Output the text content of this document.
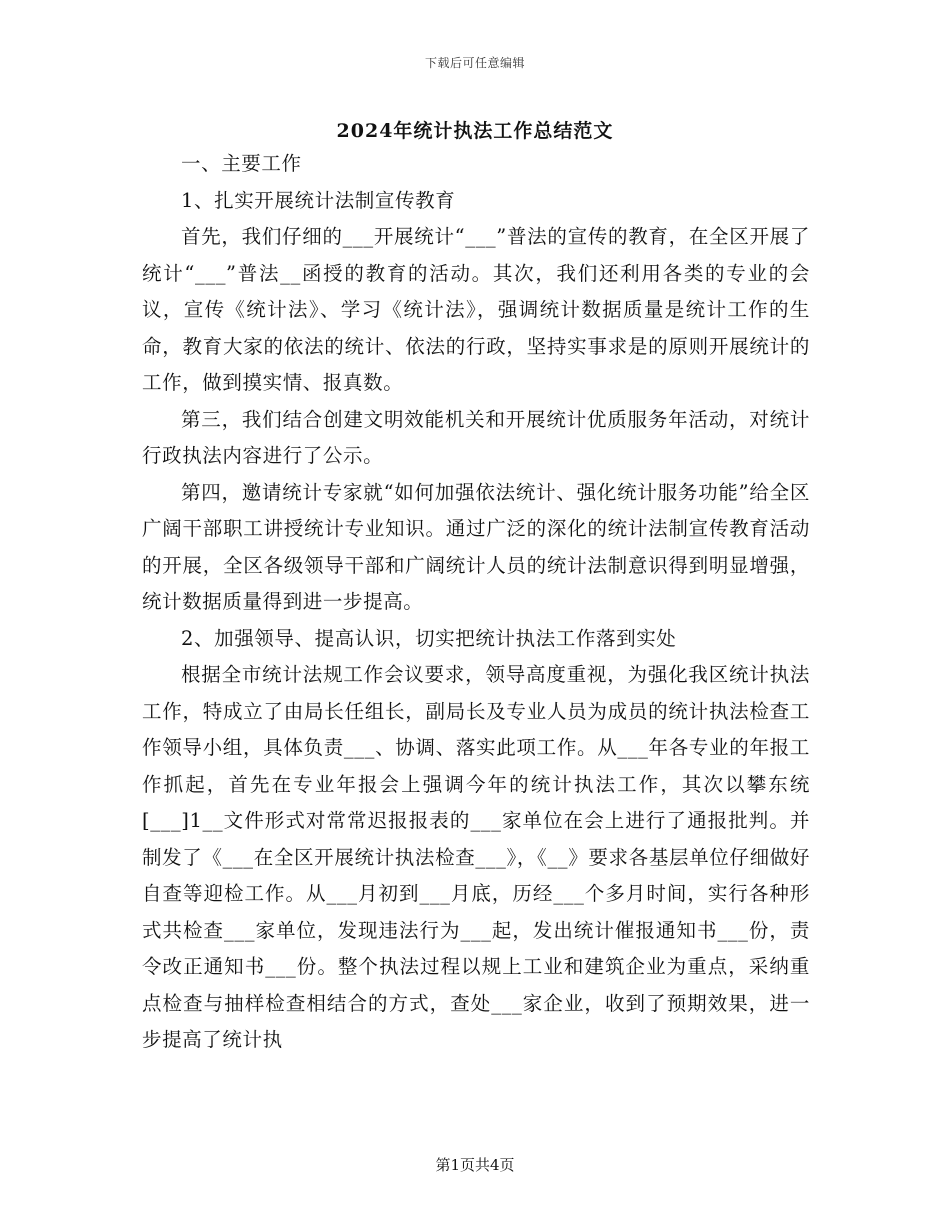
下载后可任意编辑
2024年统计执法工作总结范文

一、主要工作

1、扎实开展统计法制宣传教育

首先，我们仔细的___开展统计“___”普法的宣传的教育，在全区开展了统计“___”普法__函授的教育的活动。其次，我们还利用各类的专业的会议，宣传《统计法》、学习《统计法》，强调统计数据质量是统计工作的生命，教育大家的依法的统计、依法的行政，坚持实事求是的原则开展统计的工作，做到摸实情、报真数。

第三，我们结合创建文明效能机关和开展统计优质服务年活动，对统计行政执法内容进行了公示。

第四，邀请统计专家就“如何加强依法统计、强化统计服务功能”给全区广阔干部职工讲授统计专业知识。通过广泛的深化的统计法制宣传教育活动的开展，全区各级领导干部和广阔统计人员的统计法制意识得到明显增强，统计数据质量得到进一步提高。

2、加强领导、提高认识，切实把统计执法工作落到实处

根据全市统计法规工作会议要求，领导高度重视，为强化我区统计执法工作，特成立了由局长任组长，副局长及专业人员为成员的统计执法检查工作领导小组，具体负责___、协调、落实此项工作。从___年各专业的年报工作抓起，首先在专业年报会上强调今年的统计执法工作，其次以攀东统[___]1__文件形式对常常迟报报表的___家单位在会上进行了通报批判。并制发了《___在全区开展统计执法检查___》，《__》要求各基层单位仔细做好自查等迎检工作。从___月初到___月底，历经___个多月时间，实行各种形式共检查___家单位，发现违法行为___起，发出统计催报通知书___份，责令改正通知书___份。整个执法过程以规上工业和建筑企业为重点，采纳重点检查与抽样检查相结合的方式，查处___家企业，收到了预期效果，进一步提高了统计执

第1页共4页
